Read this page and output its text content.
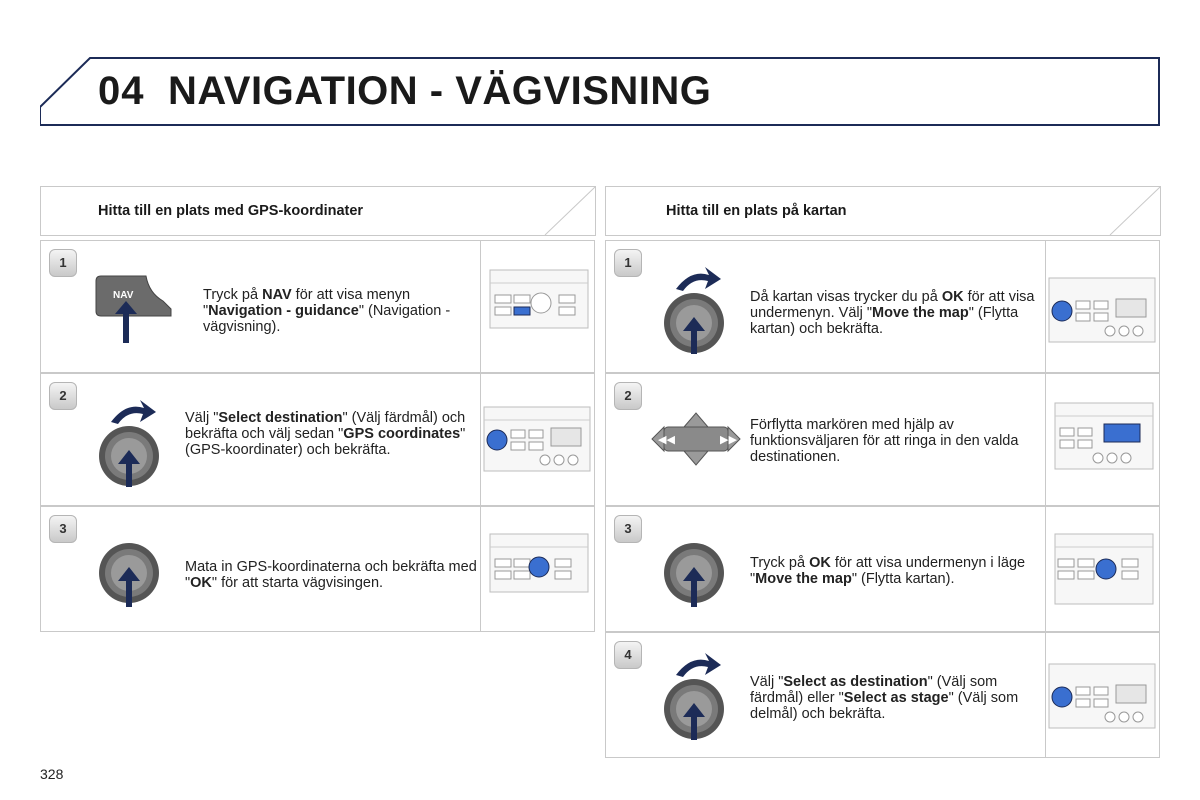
04 NAVIGATION - VÄGVISNING
Hitta till en plats med GPS-koordinater	Hitta till en plats på kartan
1
NAV	Tryck på NAV för att visa menyn "Navigation - guidance" (Navigation - vägvisning).
2
Välj "Select destination" (Välj färdmål) och bekräfta och välj sedan "GPS coordinates" (GPS-koordinater) och bekräfta.
3
Mata in GPS-koordinaterna och bekräfta med "OK" för att starta vägvisingen.
1
Då kartan visas trycker du på OK för att visa undermenyn. Välj "Move the map" (Flytta kartan) och bekräfta.
2
◀◀	▶▶
Förflytta markören med hjälp av funktionsväljaren för att ringa in den valda destinationen.
3
Tryck på OK för att visa undermenyn i läge "Move the map" (Flytta kartan).
4
Välj "Select as destination" (Välj som färdmål) eller "Select as stage" (Välj som delmål) och bekräfta.
328
